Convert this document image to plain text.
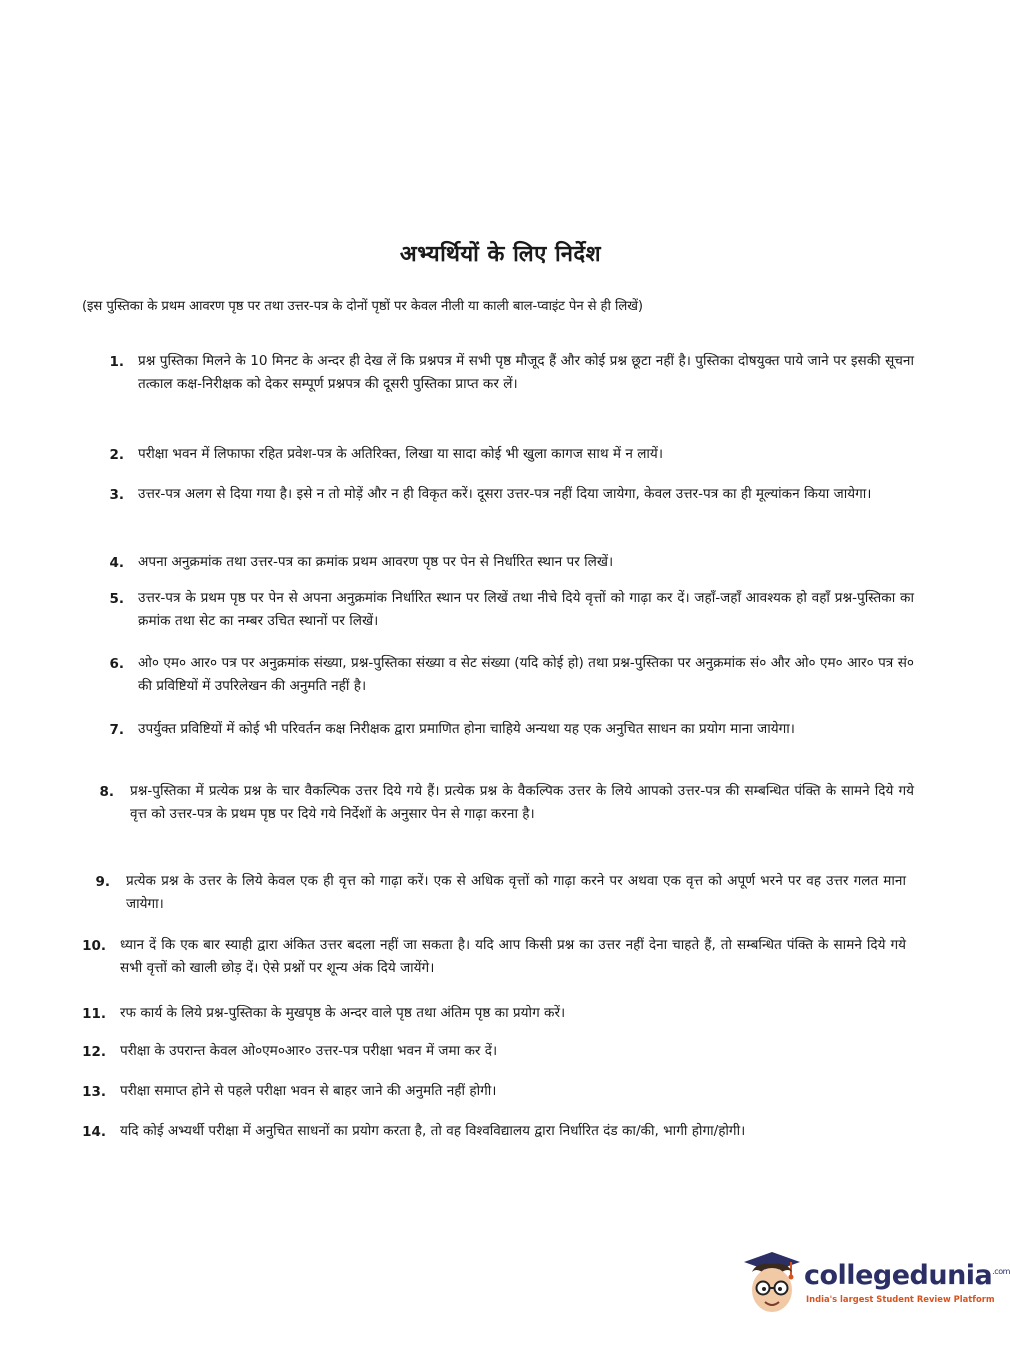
अभ्यर्थियों के लिए निर्देश
(इस पुस्तिका के प्रथम आवरण पृष्ठ पर तथा उत्तर-पत्र के दोनों पृष्ठों पर केवल नीली या काली बाल-प्वाइंट पेन से ही लिखें)
1. प्रश्न पुस्तिका मिलने के 10 मिनट के अन्दर ही देख लें कि प्रश्नपत्र में सभी पृष्ठ मौजूद हैं और कोई प्रश्न छूटा नहीं है। पुस्तिका दोषयुक्त पाये जाने पर इसकी सूचना तत्काल कक्ष-निरीक्षक को देकर सम्पूर्ण प्रश्नपत्र की दूसरी पुस्तिका प्राप्त कर लें।
2. परीक्षा भवन में लिफाफा रहित प्रवेश-पत्र के अतिरिक्त, लिखा या सादा कोई भी खुला कागज साथ में न लायें।
3. उत्तर-पत्र अलग से दिया गया है। इसे न तो मोड़ें और न ही विकृत करें। दूसरा उत्तर-पत्र नहीं दिया जायेगा, केवल उत्तर-पत्र का ही मूल्यांकन किया जायेगा।
4. अपना अनुक्रमांक तथा उत्तर-पत्र का क्रमांक प्रथम आवरण पृष्ठ पर पेन से निर्धारित स्थान पर लिखें।
5. उत्तर-पत्र के प्रथम पृष्ठ पर पेन से अपना अनुक्रमांक निर्धारित स्थान पर लिखें तथा नीचे दिये वृत्तों को गाढ़ा कर दें। जहाँ-जहाँ आवश्यक हो वहाँ प्रश्न-पुस्तिका का क्रमांक तथा सेट का नम्बर उचित स्थानों पर लिखें।
6. ओ० एम० आर० पत्र पर अनुक्रमांक संख्या, प्रश्न-पुस्तिका संख्या व सेट संख्या (यदि कोई हो) तथा प्रश्न-पुस्तिका पर अनुक्रमांक सं० और ओ० एम० आर० पत्र सं० की प्रविष्टियों में उपरिलेखन की अनुमति नहीं है।
7. उपर्युक्त प्रविष्टियों में कोई भी परिवर्तन कक्ष निरीक्षक द्वारा प्रमाणित होना चाहिये अन्यथा यह एक अनुचित साधन का प्रयोग माना जायेगा।
8. प्रश्न-पुस्तिका में प्रत्येक प्रश्न के चार वैकल्पिक उत्तर दिये गये हैं। प्रत्येक प्रश्न के वैकल्पिक उत्तर के लिये आपको उत्तर-पत्र की सम्बन्धित पंक्ति के सामने दिये गये वृत्त को उत्तर-पत्र के प्रथम पृष्ठ पर दिये गये निर्देशों के अनुसार पेन से गाढ़ा करना है।
9. प्रत्येक प्रश्न के उत्तर के लिये केवल एक ही वृत्त को गाढ़ा करें। एक से अधिक वृत्तों को गाढ़ा करने पर अथवा एक वृत्त को अपूर्ण भरने पर वह उत्तर गलत माना जायेगा।
10. ध्यान दें कि एक बार स्याही द्वारा अंकित उत्तर बदला नहीं जा सकता है। यदि आप किसी प्रश्न का उत्तर नहीं देना चाहते हैं, तो सम्बन्धित पंक्ति के सामने दिये गये सभी वृत्तों को खाली छोड़ दें। ऐसे प्रश्नों पर शून्य अंक दिये जायेंगे।
11. रफ कार्य के लिये प्रश्न-पुस्तिका के मुखपृष्ठ के अन्दर वाले पृष्ठ तथा अंतिम पृष्ठ का प्रयोग करें।
12. परीक्षा के उपरान्त केवल ओ०एम०आर० उत्तर-पत्र परीक्षा भवन में जमा कर दें।
13. परीक्षा समाप्त होने से पहले परीक्षा भवन से बाहर जाने की अनुमति नहीं होगी।
14. यदि कोई अभ्यर्थी परीक्षा में अनुचित साधनों का प्रयोग करता है, तो वह विश्वविद्यालय द्वारा निर्धारित दंड का/की, भागी होगा/होगी।
collegedunia$^{.com}$
India's largest Student Review Platform
